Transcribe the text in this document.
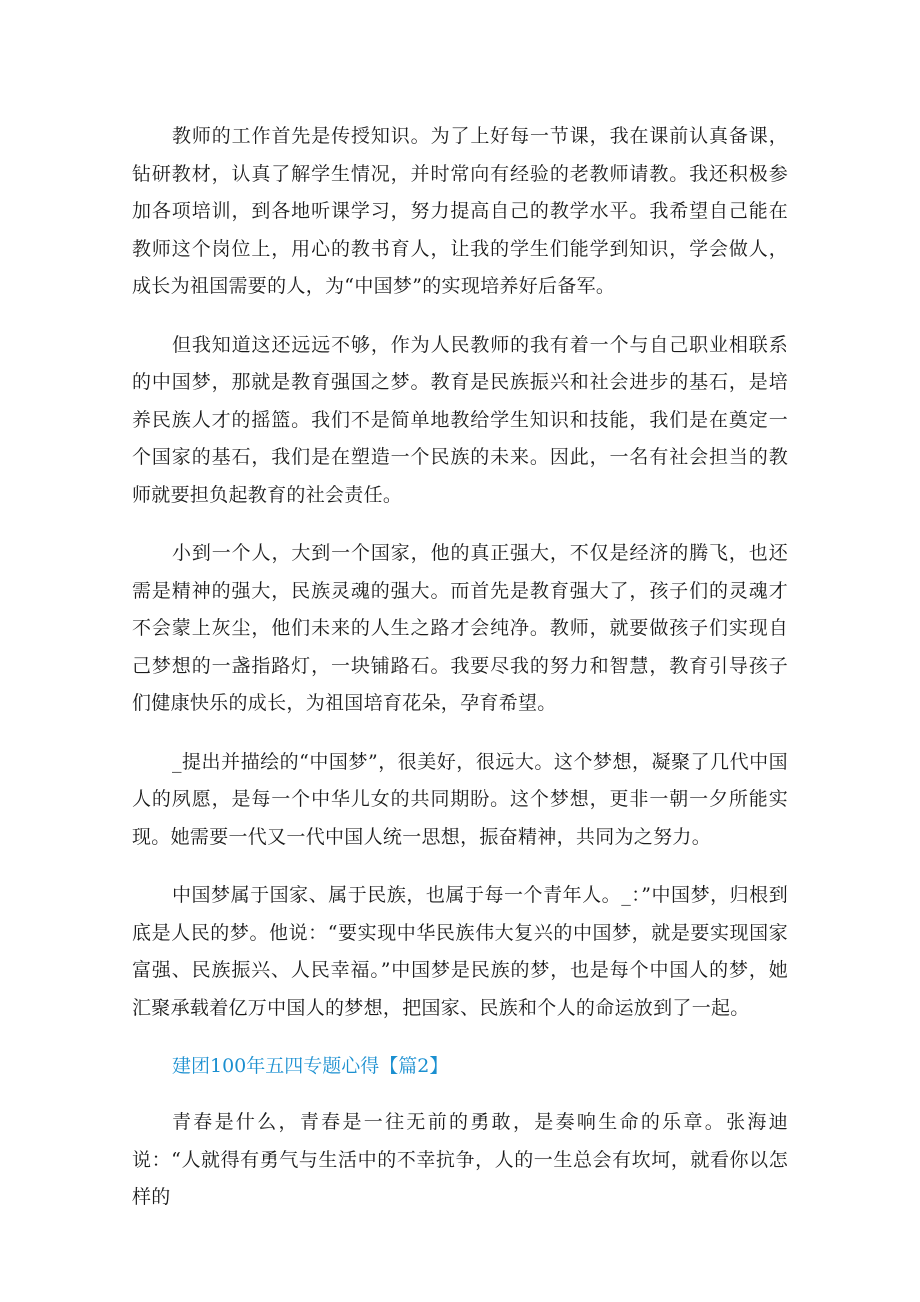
教师的工作首先是传授知识。为了上好每一节课，我在课前认真备课，钻研教材，认真了解学生情况，并时常向有经验的老教师请教。我还积极参加各项培训，到各地听课学习，努力提高自己的教学水平。我希望自己能在教师这个岗位上，用心的教书育人，让我的学生们能学到知识，学会做人，成长为祖国需要的人，为“中国梦”的实现培养好后备军。

但我知道这还远远不够，作为人民教师的我有着一个与自己职业相联系的中国梦，那就是教育强国之梦。教育是民族振兴和社会进步的基石，是培养民族人才的摇篮。我们不是简单地教给学生知识和技能，我们是在奠定一个国家的基石，我们是在塑造一个民族的未来。因此，一名有社会担当的教师就要担负起教育的社会责任。

小到一个人，大到一个国家，他的真正强大，不仅是经济的腾飞，也还需是精神的强大，民族灵魂的强大。而首先是教育强大了，孩子们的灵魂才不会蒙上灰尘，他们未来的人生之路才会纯净。教师，就要做孩子们实现自己梦想的一盏指路灯，一块铺路石。我要尽我的努力和智慧，教育引导孩子们健康快乐的成长，为祖国培育花朵，孕育希望。

_提出并描绘的“中国梦”，很美好，很远大。这个梦想，凝聚了几代中国人的夙愿，是每一个中华儿女的共同期盼。这个梦想，更非一朝一夕所能实现。她需要一代又一代中国人统一思想，振奋精神，共同为之努力。

中国梦属于国家、属于民族，也属于每一个青年人。_：”中国梦，归根到底是人民的梦。他说：“要实现中华民族伟大复兴的中国梦，就是要实现国家富强、民族振兴、人民幸福。”中国梦是民族的梦，也是每个中国人的梦，她汇聚承载着亿万中国人的梦想，把国家、民族和个人的命运放到了一起。

建团100年五四专题心得【篇2】

青春是什么，青春是一往无前的勇敢，是奏响生命的乐章。张海迪说：“人就得有勇气与生活中的不幸抗争，人的一生总会有坎坷，就看你以怎样的
